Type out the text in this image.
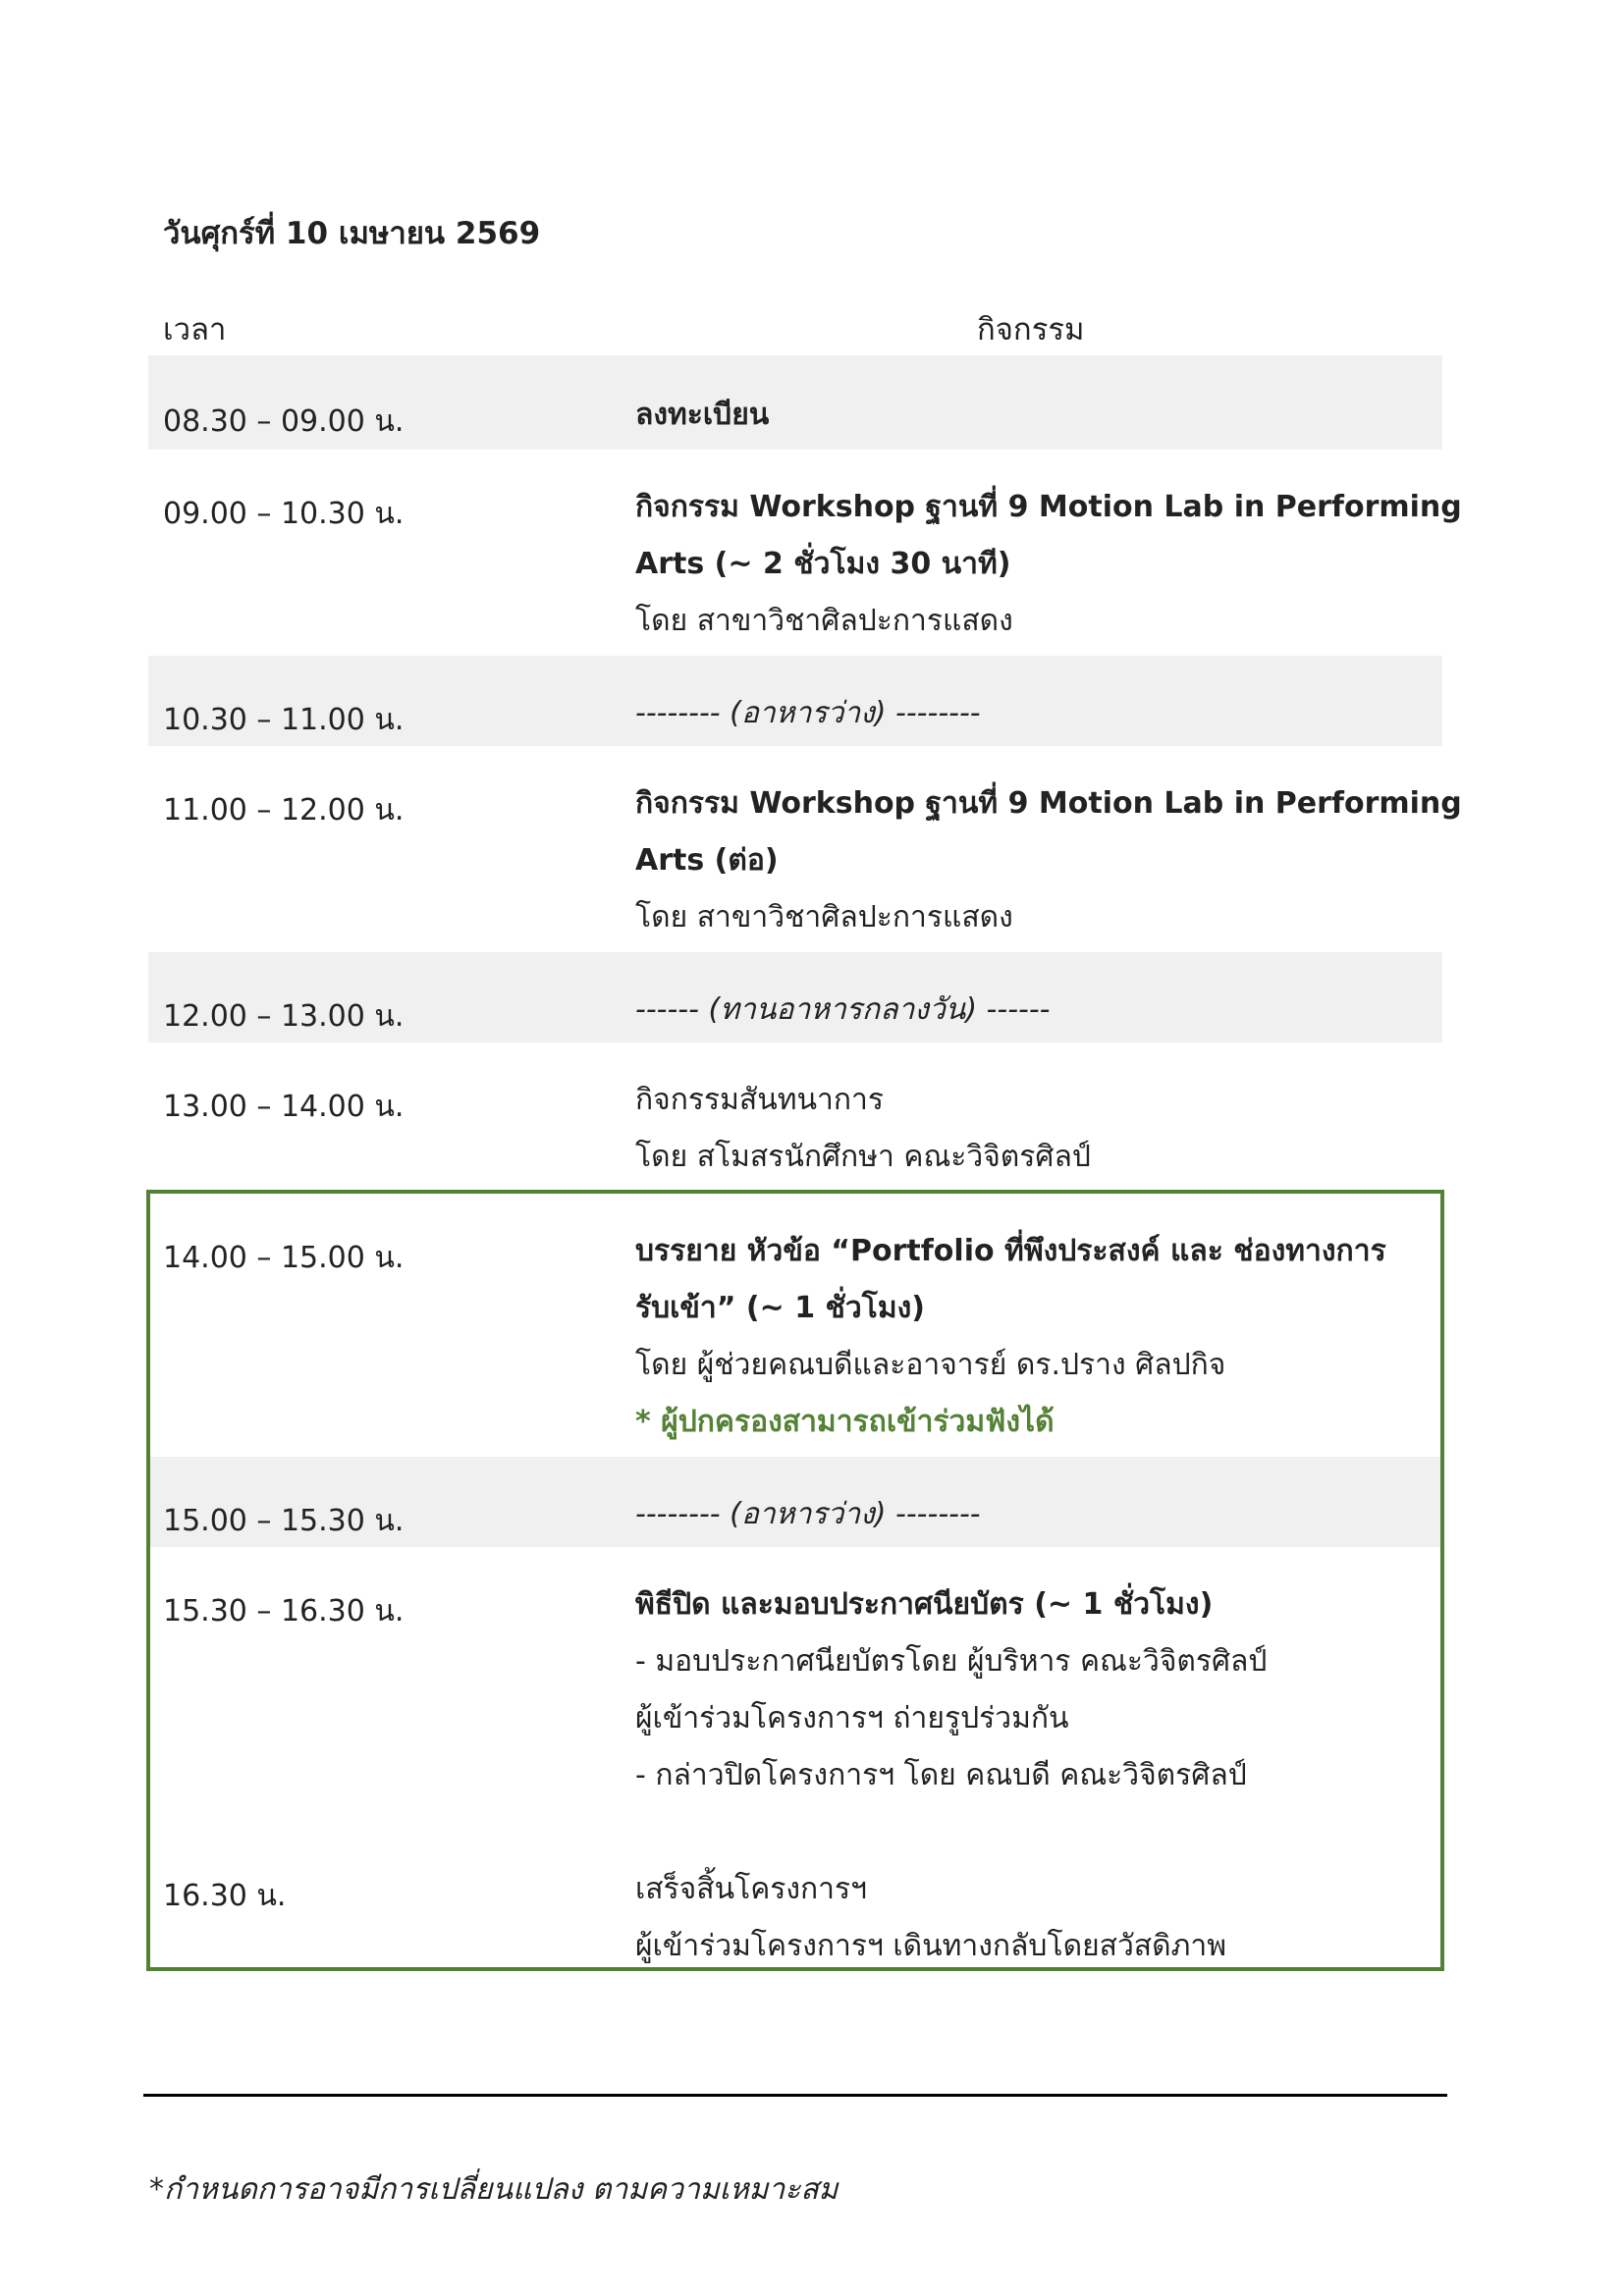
วันศุกร์ที่ 10 เมษายน 2569
เวลา	กิจกรรม
08.30 – 09.00 น.	ลงทะเบียน
09.00 – 10.30 น.	กิจกรรม Workshop ฐานที่ 9 Motion Lab in Performing
Arts (~ 2 ชั่วโมง 30 นาที)
โดย สาขาวิชาศิลปะการแสดง
10.30 – 11.00 น.	-------- (อาหารว่าง) --------
11.00 – 12.00 น.	กิจกรรม Workshop ฐานที่ 9 Motion Lab in Performing
Arts (ต่อ)
โดย สาขาวิชาศิลปะการแสดง
12.00 – 13.00 น.	------ (ทานอาหารกลางวัน) ------
13.00 – 14.00 น.	กิจกรรมสันทนาการ
โดย สโมสรนักศึกษา คณะวิจิตรศิลป์
14.00 – 15.00 น.	บรรยาย หัวข้อ “Portfolio ที่พึงประสงค์ และ ช่องทางการ
รับเข้า” (~ 1 ชั่วโมง)
โดย ผู้ช่วยคณบดีและอาจารย์ ดร.ปราง ศิลปกิจ
* ผู้ปกครองสามารถเข้าร่วมฟังได้
15.00 – 15.30 น.	-------- (อาหารว่าง) --------
15.30 – 16.30 น.	พิธีปิด และมอบประกาศนียบัตร (~ 1 ชั่วโมง)
- มอบประกาศนียบัตรโดย ผู้บริหาร คณะวิจิตรศิลป์
ผู้เข้าร่วมโครงการฯ ถ่ายรูปร่วมกัน
- กล่าวปิดโครงการฯ โดย คณบดี คณะวิจิตรศิลป์
16.30 น.	เสร็จสิ้นโครงการฯ
ผู้เข้าร่วมโครงการฯ เดินทางกลับโดยสวัสดิภาพ
*กำหนดการอาจมีการเปลี่ยนแปลง ตามความเหมาะสม
